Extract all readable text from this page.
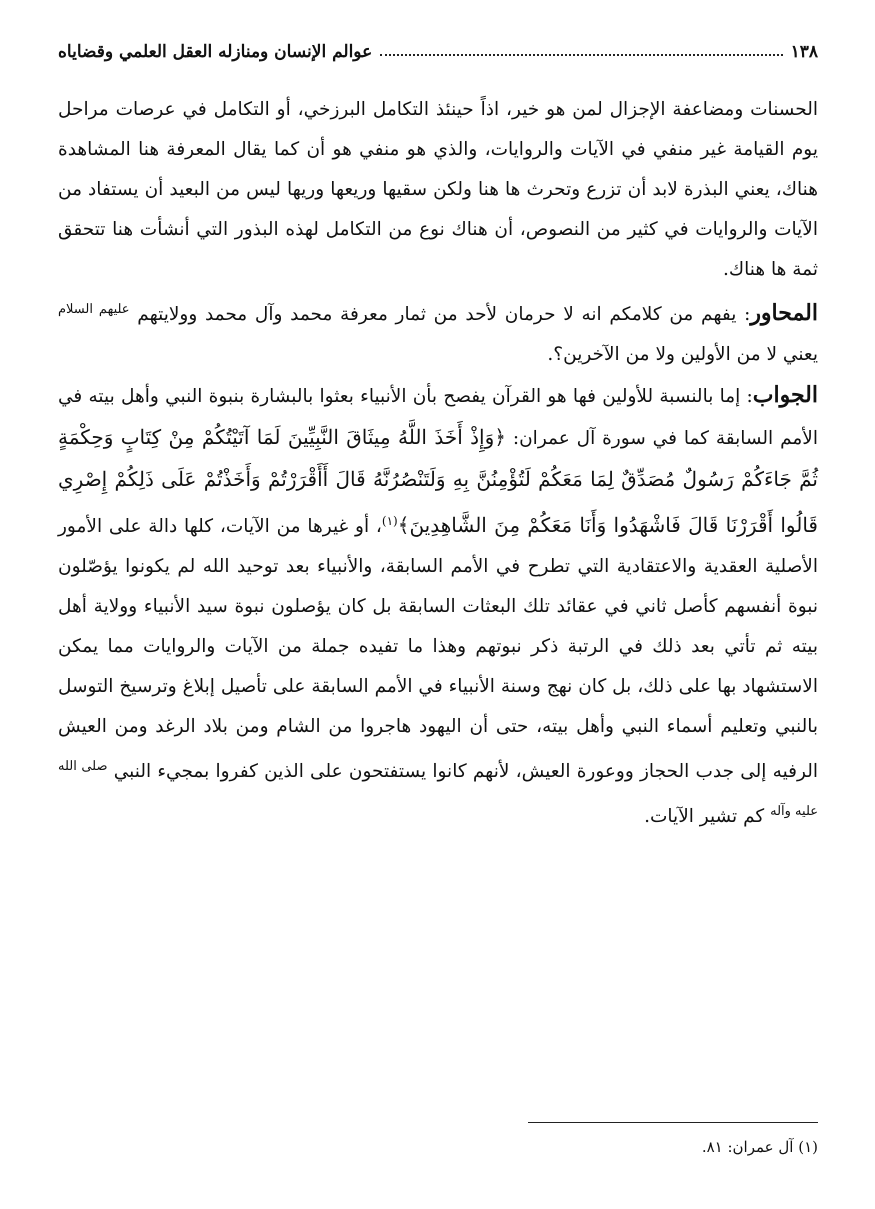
١٣٨
عوالم الإنسان ومنازله العقل العلمي وقضاياه

الحسنات ومضاعفة الإجزال لمن هو خير، اذاً حينئذ التكامل البرزخي، أو التكامل في عرصات مراحل يوم القيامة غير منفي في الآيات والروايات، والذي هو منفي هو أن كما يقال المعرفة هنا المشاهدة هناك، يعني البذرة لابد أن تزرع وتحرث ها هنا ولكن سقيها وريعها وريها ليس من البعيد أن يستفاد من الآيات والروايات في كثير من النصوص، أن هناك نوع من التكامل لهذه البذور التي أنشأت هنا تتحقق ثمة ها هناك.

المحاور: يفهم من كلامكم انه لا حرمان لأحد من ثمار معرفة محمد وآل محمد وولايتهم $^{عليهم السلام}$ يعني لا من الأولين ولا من الآخرين؟.

الجواب: إما بالنسبة للأولين فها هو القرآن يفصح بأن الأنبياء بعثوا بالبشارة بنبوة النبي وأهل بيته في الأمم السابقة كما في سورة آل عمران: ﴿وَإِذْ أَخَذَ اللَّهُ مِيثَاقَ النَّبِيِّينَ لَمَا آتَيْتُكُمْ مِنْ كِتَابٍ وَحِكْمَةٍ ثُمَّ جَاءَكُمْ رَسُولٌ مُصَدِّقٌ لِمَا مَعَكُمْ لَتُؤْمِنُنَّ بِهِ وَلَتَنْصُرُنَّهُ قَالَ أَأَقْرَرْتُمْ وَأَخَذْتُمْ عَلَى ذَلِكُمْ إِصْرِي قَالُوا أَقْرَرْنَا قَالَ فَاشْهَدُوا وَأَنَا مَعَكُمْ مِنَ الشَّاهِدِينَ﴾$^{(١)}$، أو غيرها من الآيات، كلها دالة على الأمور الأصلية العقدية والاعتقادية التي تطرح في الأمم السابقة، والأنبياء بعد توحيد الله لم يكونوا يؤصّلون نبوة أنفسهم كأصل ثاني في عقائد تلك البعثات السابقة بل كان يؤصلون نبوة سيد الأنبياء وولاية أهل بيته ثم تأتي بعد ذلك في الرتبة ذكر نبوتهم وهذا ما تفيده جملة من الآيات والروايات مما يمكن الاستشهاد بها على ذلك، بل كان نهج وسنة الأنبياء في الأمم السابقة على تأصيل إبلاغ وترسيخ التوسل بالنبي وتعليم أسماء النبي وأهل بيته، حتى أن اليهود هاجروا من الشام ومن بلاد الرغد ومن العيش الرفيه إلى جدب الحجاز ووعورة العيش، لأنهم كانوا يستفتحون على الذين كفروا بمجيء النبي $^{صلى الله عليه وآله}$ كم تشير الآيات.

(١) آل عمران: ٨١.
